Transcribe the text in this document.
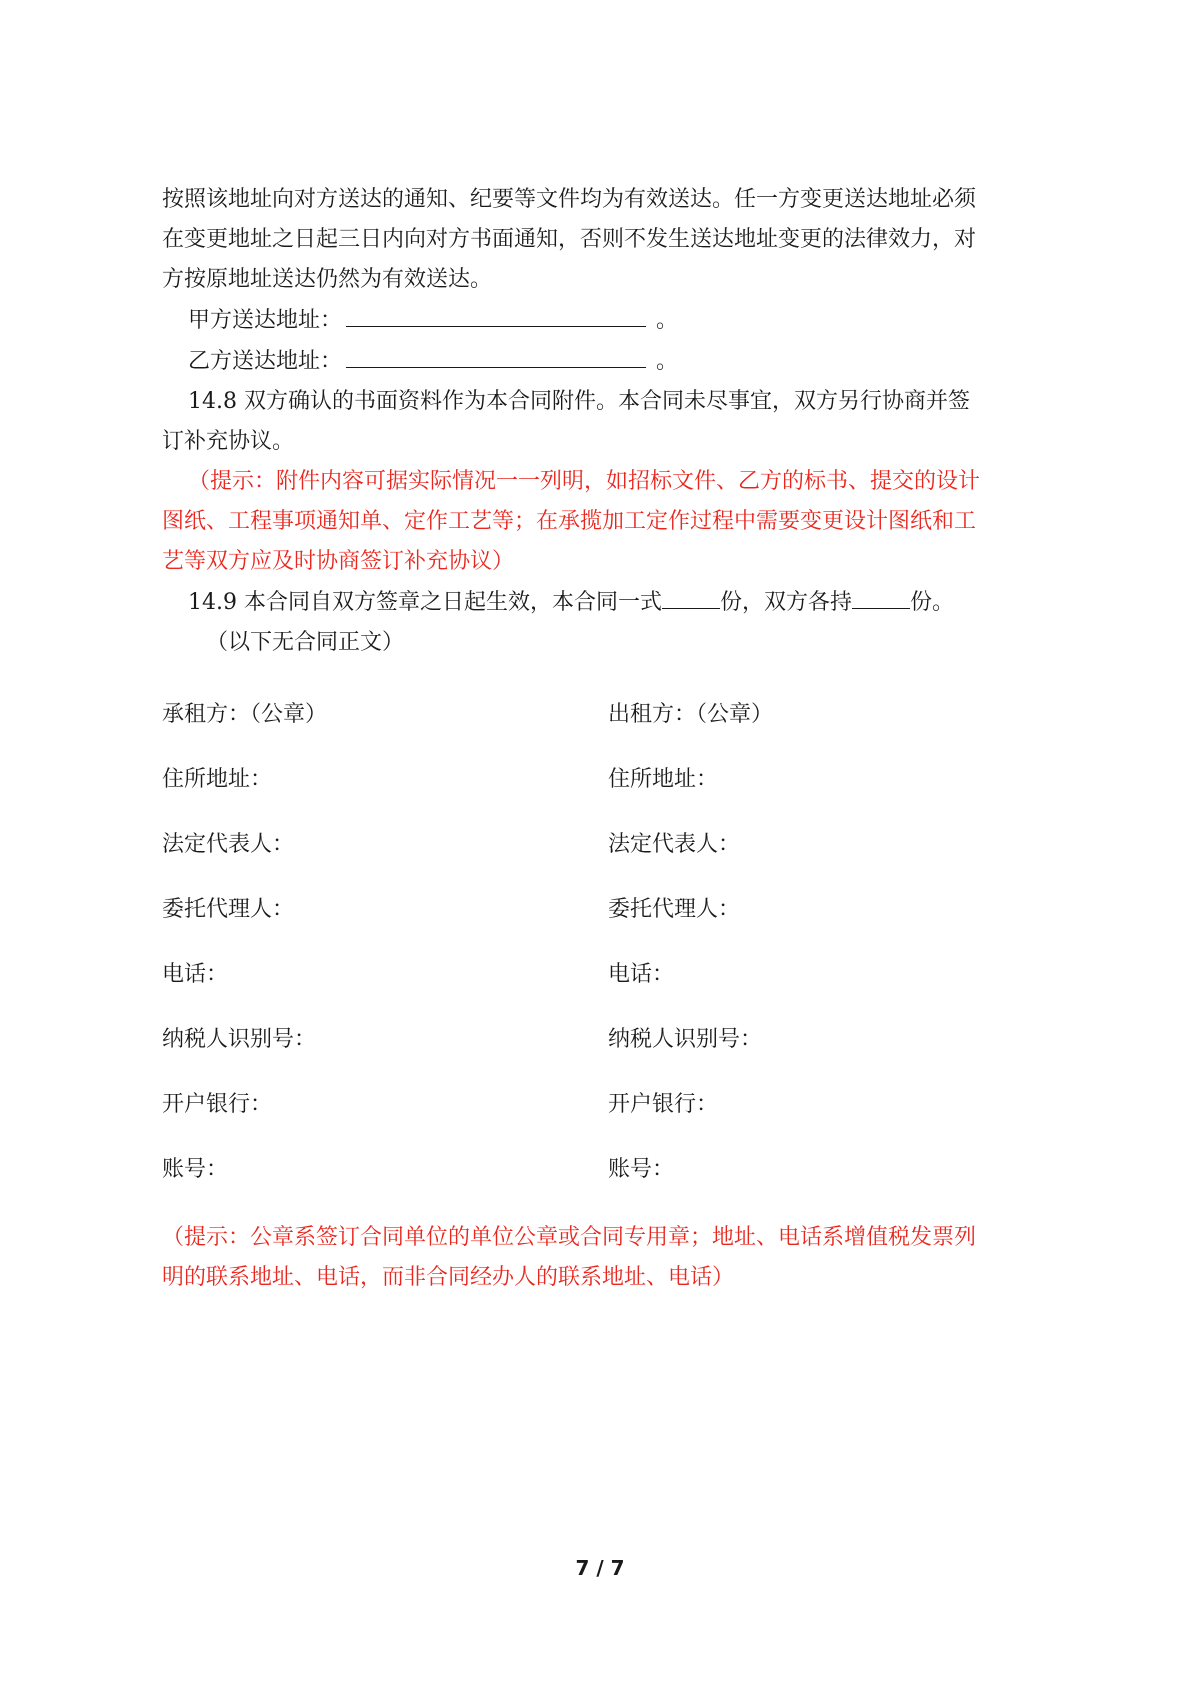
按照该地址向对方送达的通知、纪要等文件均为有效送达。任一方变更送达地址必须

在变更地址之日起三日内向对方书面通知，否则不发生送达地址变更的法律效力，对

方按原地址送达仍然为有效送达。

甲方送达地址：	。

乙方送达地址：	。

14.8 双方确认的书面资料作为本合同附件。本合同未尽事宜，双方另行协商并签

订补充协议。

（提示：附件内容可据实际情况一一列明，如招标文件、乙方的标书、提交的设计

图纸、工程事项通知单、定作工艺等；在承揽加工定作过程中需要变更设计图纸和工

艺等双方应及时协商签订补充协议）

14.9 本合同自双方签章之日起生效，本合同一式	份，双方各持	份。

（以下无合同正文）

承租方：（公章）	出租方：（公章）
住所地址：	住所地址：
法定代表人：	法定代表人：
委托代理人：	委托代理人：
电话：	电话：
纳税人识别号：	纳税人识别号：
开户银行：	开户银行：
账号：	账号：

（提示：公章系签订合同单位的单位公章或合同专用章；地址、电话系增值税发票列

明的联系地址、电话，而非合同经办人的联系地址、电话）

7 / 7
